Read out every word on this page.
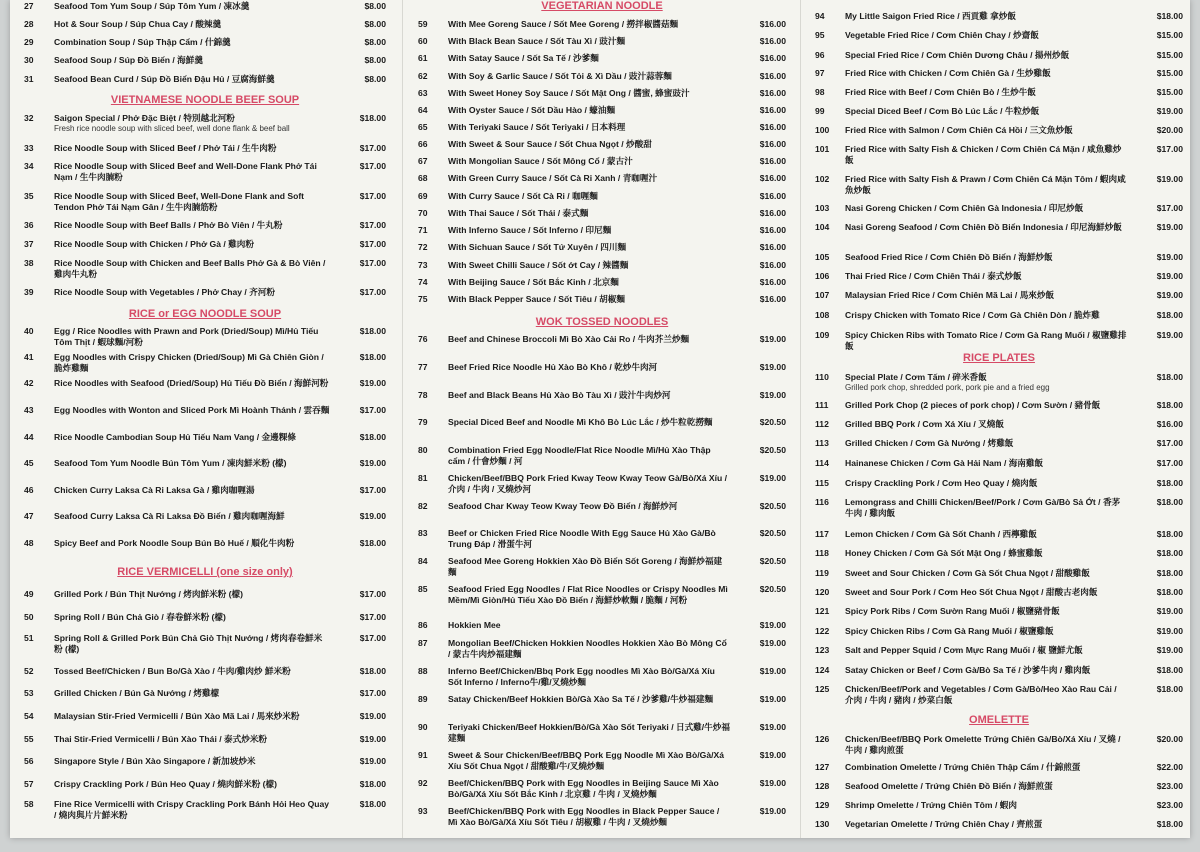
27	Seafood Tom Yum Soup / Súp Tôm Yum / 凍冰羹	$8.00
28	Hot & Sour Soup / Súp Chua Cay / 酸辣羹	$8.00
29	Combination Soup / Súp Thập Cẩm / 什錦羹	$8.00
30	Seafood Soup / Súp Đồ Biển / 海鮮羹	$8.00
31	Seafood Bean Curd / Súp Đồ Biển Đậu Hủ / 豆腐海鮮羹	$8.00
VIETNAMESE NOODLE BEEF SOUP
32	Saigon Special / Phở Đặc Biệt / 特別越北河粉
Fresh rice noodle soup with sliced beef, well done flank & beef ball
$18.00
33	Rice Noodle Soup with Sliced Beef / Phở Tái / 生牛肉粉	$17.00
34	Rice Noodle Soup with Sliced Beef and Well-Done Flank Phở Tái Nạm / 生牛肉腩粉
$17.00
35	Rice Noodle Soup with Sliced Beef, Well-Done Flank and Soft Tendon Phở Tái Nạm Gân / 生牛肉腩筋粉
$17.00
36	Rice Noodle Soup with Beef Balls / Phở Bò Viên / 牛丸粉	$17.00
37	Rice Noodle Soup with Chicken / Phở Gà / 雞肉粉	$17.00
38	Rice Noodle Soup with Chicken and Beef Balls Phở Gà & Bò Viên / 雞肉牛丸粉
$17.00
39	Rice Noodle Soup with Vegetables / Phở Chay / 齐河粉	$17.00
RICE or EGG NOODLE SOUP
40	Egg / Rice Noodles with Prawn and Pork (Dried/Soup) Mì/Hủ Tiếu Tôm Thịt / 蝦球麵/河粉
$18.00
41	Egg Noodles with Crispy Chicken (Dried/Soup) Mì Gà Chiên Giòn / 脆炸雞麵
$18.00
42	Rice Noodles with Seafood (Dried/Soup) Hủ Tiếu Đồ Biển / 海鮮河粉	$19.00
43	Egg Noodles with Wonton and Sliced Pork Mì Hoành Thánh / 雲吞麵	$17.00
44	Rice Noodle Cambodian Soup Hủ Tiếu Nam Vang / 金邊粿條	$18.00
45	Seafood Tom Yum Noodle Bún Tôm Yum / 凍肉鮮米粉 (檬)	$19.00
46	Chicken Curry Laksa Cà Ri Laksa Gà / 雞肉咖喱湯	$17.00
47	Seafood Curry Laksa Cà Ri Laksa Đồ Biển / 雞肉咖喱海鮮	$19.00
48	Spicy Beef and Pork Noodle Soup Bún Bò Huế / 順化牛肉粉	$18.00
RICE VERMICELLI (one size only)
49	Grilled Pork / Bún Thịt Nướng / 烤肉鮮米粉 (檬)	$17.00
50	Spring Roll / Bún Chả Giò / 春卷鮮米粉 (檬)	$17.00
51	Spring Roll & Grilled Pork Bún Chả Giò Thịt Nướng / 烤肉春卷鮮米粉 (檬)
$17.00
52	Tossed Beef/Chicken / Bun Bo/Gà Xào / 牛肉/雞肉炒 鮮米粉	$18.00
53	Grilled Chicken / Bún Gà Nướng / 烤雞檬	$17.00
54	Malaysian Stir-Fried Vermicelli / Bún Xào Mã Lai / 馬來炒米粉	$19.00
55	Thai Stir-Fried Vermicelli / Bún Xào Thái / 泰式炒米粉	$19.00
56	Singapore Style / Bún Xào Singapore / 新加坡炒米	$19.00
57	Crispy Crackling Pork / Bún Heo Quay / 燒肉鮮米粉 (檬)	$18.00
58	Fine Rice Vermicelli with Crispy Crackling Pork Bánh Hỏi Heo Quay / 燒肉與片片鮮米粉
$18.00
VEGETARIAN NOODLE
59	With Mee Goreng Sauce / Sốt Mee Goreng / 撈拌椒醬菇麵	$16.00
60	With Black Bean Sauce / Sốt Tàu Xì / 豉汁麵	$16.00
61	With Satay Sauce / Sốt Sa Tế / 沙爹麵	$16.00
62	With Soy & Garlic Sauce / Sốt Tỏi & Xì Dầu / 豉汁蒜蓉麵	$16.00
63	With Sweet Honey Soy Sauce / Sốt Mật Ong / 醬蜜, 蜂蜜豉汁	$16.00
64	With Oyster Sauce / Sốt Dầu Hào / 蠔油麵	$16.00
65	With Teriyaki Sauce / Sốt Teriyaki / 日本料理	$16.00
66	With Sweet & Sour Sauce / Sốt Chua Ngọt / 炒酸甜	$16.00
67	With Mongolian Sauce / Sốt Mông Cổ / 蒙古汁	$16.00
68	With Green Curry Sauce / Sốt Cà Ri Xanh / 青咖喱汁	$16.00
69	With Curry Sauce / Sốt Cà Ri / 咖喱麵	$16.00
70	With Thai Sauce / Sốt Thái / 泰式麵	$16.00
71	With Inferno Sauce / Sốt Inferno / 印尼麵	$16.00
72	With Sichuan Sauce / Sốt Tứ Xuyên / 四川麵	$16.00
73	With Sweet Chilli Sauce / Sốt ớt Cay / 辣醬麵	$16.00
74	With Beijing Sauce / Sốt Bắc Kinh / 北京麵	$16.00
75	With Black Pepper Sauce / Sốt Tiêu / 胡椒麵	$16.00
WOK TOSSED NOODLES
76	Beef and Chinese Broccoli Mì Bò Xào Cải Ro / 牛肉芥兰炒麵	$19.00
77	Beef Fried Rice Noodle Hủ Xào Bò Khô / 乾炒牛肉河	$19.00
78	Beef and Black Beans Hủ Xào Bò Tàu Xì / 豉汁牛肉炒河	$19.00
79	Special Diced Beef and Noodle Mì Khô Bò Lúc Lắc / 炒牛粒乾撈麵	$20.50
80	Combination Fried Egg Noodle/Flat Rice Noodle Mì/Hủ Xào Thập cẩm / 什會炒麵 / 河
$20.50
81	Chicken/Beef/BBQ Pork Fried Kway Teow Kway Teow Gà/Bò/Xá Xíu / 介肉 / 牛肉 / 叉燒炒河
$19.00
82	Seafood Char Kway Teow Kway Teow Đồ Biển / 海鮮炒河	$20.50
83	Beef or Chicken Fried Rice Noodle With Egg Sauce Hủ Xào Gà/Bò Trung Đáp / 滑蛋牛河
$20.50
84	Seafood Mee Goreng Hokkien Xào Đồ Biển Sốt Goreng / 海鮮炒福建麵
$20.50
85	Seafood Fried Egg Noodles / Flat Rice Noodles or Crispy Noodles Mì Mềm/Mì Giòn/Hủ Tiếu Xào Đồ Biển / 海鮮炒軟麵 / 脆麵 / 河粉
$20.50
86	Hokkien Mee	$19.00
87	Mongolian Beef/Chicken Hokkien Noodles Hokkien Xào Bò Mông Cổ / 蒙古牛肉炒福建麵
$19.00
88	Inferno Beef/Chicken/Bbq Pork Egg noodles Mì Xào Bò/Gà/Xá Xíu Sốt Inferno / Inferno牛/雞/叉燒炒麵
$19.00
89	Satay Chicken/Beef Hokkien Bò/Gà Xào Sa Tế / 沙爹雞/牛炒福建麵	$19.00
90	Teriyaki Chicken/Beef Hokkien/Bò/Gà Xào Sốt Teriyaki / 日式雞/牛炒福建麵
$19.00
91	Sweet & Sour Chicken/Beef/BBQ Pork Egg Noodle Mì Xào Bò/Gà/Xá Xíu Sốt Chua Ngọt / 甜酸雞/牛/叉燒炒麵
$19.00
92	Beef/Chicken/BBQ Pork with Egg Noodles in Beijing Sauce Mì Xào Bò/Gà/Xá Xíu Sốt Bắc Kinh / 北京雞 / 牛肉 / 叉燒炒麵
$19.00
93	Beef/Chicken/BBQ Pork with Egg Noodles in Black Pepper Sauce / Mì Xào Bò/Gà/Xá Xíu Sốt Tiêu / 胡椒雞 / 牛肉 / 叉燒炒麵
$19.00
94	My Little Saigon Fried Rice / 西貢雞 拿炒飯	$18.00
95	Vegetable Fried Rice / Cơm Chiên Chay / 炒齋飯	$15.00
96	Special Fried Rice / Cơm Chiên Dương Châu / 揚州炒飯	$15.00
97	Fried Rice with Chicken / Cơm Chiên Gà / 生炒雞飯	$15.00
98	Fried Rice with Beef / Cơm Chiên Bò / 生炒牛飯	$15.00
99	Special Diced Beef / Cơm Bò Lúc Lắc / 牛粒炒飯	$19.00
100	Fried Rice with Salmon / Cơm Chiên Cá Hồi / 三文魚炒飯	$20.00
101	Fried Rice with Salty Fish & Chicken / Cơm Chiên Cá Mặn / 咸魚雞炒飯
$17.00
102	Fried Rice with Salty Fish & Prawn / Cơm Chiên Cá Mặn Tôm / 蝦肉咸魚炒飯
$19.00
103	Nasi Goreng Chicken / Cơm Chiên Gà Indonesia / 印尼炒飯	$17.00
104	Nasi Goreng Seafood / Cơm Chiên Đồ Biển Indonesia / 印尼海鮮炒飯	$19.00
105	Seafood Fried Rice / Cơm Chiên Đồ Biển / 海鮮炒飯	$19.00
106	Thai Fried Rice / Cơm Chiên Thái / 泰式炒飯	$19.00
107	Malaysian Fried Rice / Cơm Chiên Mã Lai / 馬來炒飯	$19.00
108	Crispy Chicken with Tomato Rice / Cơm Gà Chiên Dòn / 脆炸雞	$18.00
109	Spicy Chicken Ribs with Tomato Rice / Cơm Gà Rang Muối / 椒鹽雞排飯
$19.00
RICE PLATES
110	Special Plate / Cơm Tấm / 碎米香飯
Grilled pork chop, shredded pork, pork pie and a fried egg
$18.00
111	Grilled Pork Chop (2 pieces of pork chop) / Cơm Sườn / 豬骨飯	$18.00
112	Grilled BBQ Pork / Cơm Xá Xíu / 叉燒飯	$16.00
113	Grilled Chicken / Cơm Gà Nướng / 烤雞飯	$17.00
114	Hainanese Chicken / Cơm Gà Hải Nam / 海南雞飯	$17.00
115	Crispy Crackling Pork / Cơm Heo Quay / 燒肉飯	$18.00
116	Lemongrass and Chilli Chicken/Beef/Pork / Cơm Gà/Bò Sả Ớt / 香茅牛肉 / 雞肉飯
$18.00
117	Lemon Chicken / Cơm Gà Sốt Chanh / 西檸雞飯	$18.00
118	Honey Chicken / Cơm Gà Sốt Mật Ong / 蜂蜜雞飯	$18.00
119	Sweet and Sour Chicken / Cơm Gà Sốt Chua Ngọt / 甜酸雞飯	$18.00
120	Sweet and Sour Pork / Cơm Heo Sốt Chua Ngọt / 甜酸古老肉飯	$18.00
121	Spicy Pork Ribs / Cơm Sườn Rang Muối / 椒鹽豬骨飯	$19.00
122	Spicy Chicken Ribs / Cơm Gà Rang Muối / 椒鹽雞飯	$19.00
123	Salt and Pepper Squid / Cơm Mực Rang Muối / 椒 鹽鮮尤飯	$19.00
124	Satay Chicken or Beef / Cơm Gà/Bò Sa Tế / 沙爹牛肉 / 雞肉飯	$18.00
125	Chicken/Beef/Pork and Vegetables / Cơm Gà/Bò/Heo Xào Rau Cải / 介肉 / 牛肉 / 豬肉 / 炒菜白飯
$18.00
OMELETTE
126	Chicken/Beef/BBQ Pork Omelette Trứng Chiên Gà/Bò/Xá Xíu / 叉燒 / 牛肉 / 雞肉煎蛋
$20.00
127	Combination Omelette / Trứng Chiên Thập Cẩm / 什錦煎蛋	$22.00
128	Seafood Omelette / Trứng Chiên Đồ Biển / 海鮮煎蛋	$23.00
129	Shrimp Omelette / Trứng Chiên Tôm / 蝦肉	$23.00
130	Vegetarian Omelette / Trứng Chiên Chay / 齊煎蛋	$18.00
